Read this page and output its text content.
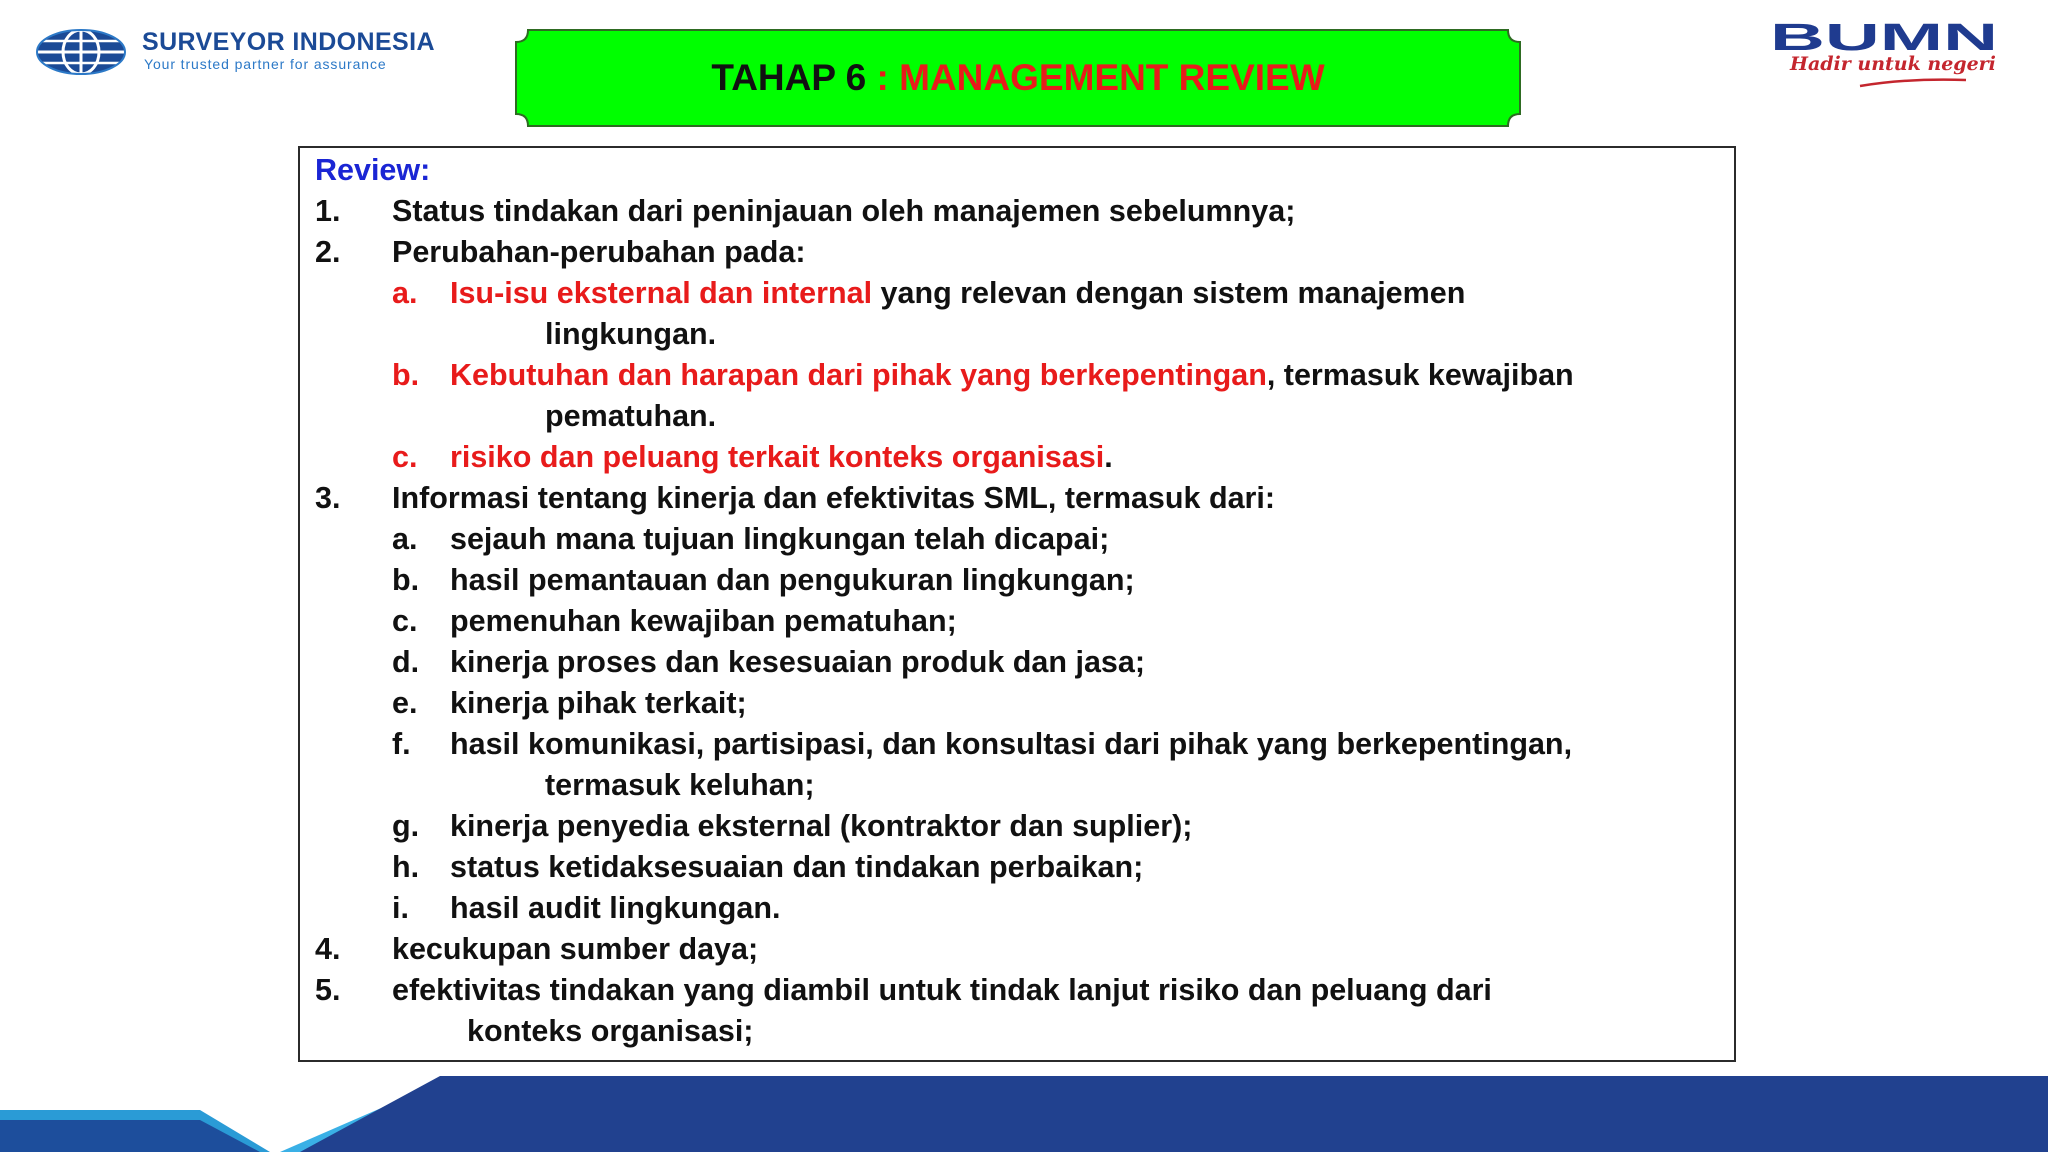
SURVEYOR INDONESIA
Your trusted partner for assurance	TAHAP 6
: MANAGEMENT REVIEW
BUMN
Hadir untuk negeri
Review:
1. Status tindakan dari peninjauan oleh manajemen sebelumnya;
2. Perubahan-perubahan pada:
a. Isu-isu eksternal dan internal yang relevan dengan sistem manajemen
lingkungan.
b. Kebutuhan dan harapan dari pihak yang berkepentingan, termasuk kewajiban
pematuhan.
c. risiko dan peluang terkait konteks organisasi.
3. Informasi tentang kinerja dan efektivitas SML, termasuk dari:
a. sejauh mana tujuan lingkungan telah dicapai;
b. hasil pemantauan dan pengukuran lingkungan;
c. pemenuhan kewajiban pematuhan;
d. kinerja proses dan kesesuaian produk dan jasa;
e. kinerja pihak terkait;
f. hasil komunikasi, partisipasi, dan konsultasi dari pihak yang berkepentingan,
termasuk keluhan;
g. kinerja penyedia eksternal (kontraktor dan suplier);
h. status ketidaksesuaian dan tindakan perbaikan;
i. hasil audit lingkungan.
4. kecukupan sumber daya;
5. efektivitas tindakan yang diambil untuk tindak lanjut risiko dan peluang dari
konteks organisasi;
